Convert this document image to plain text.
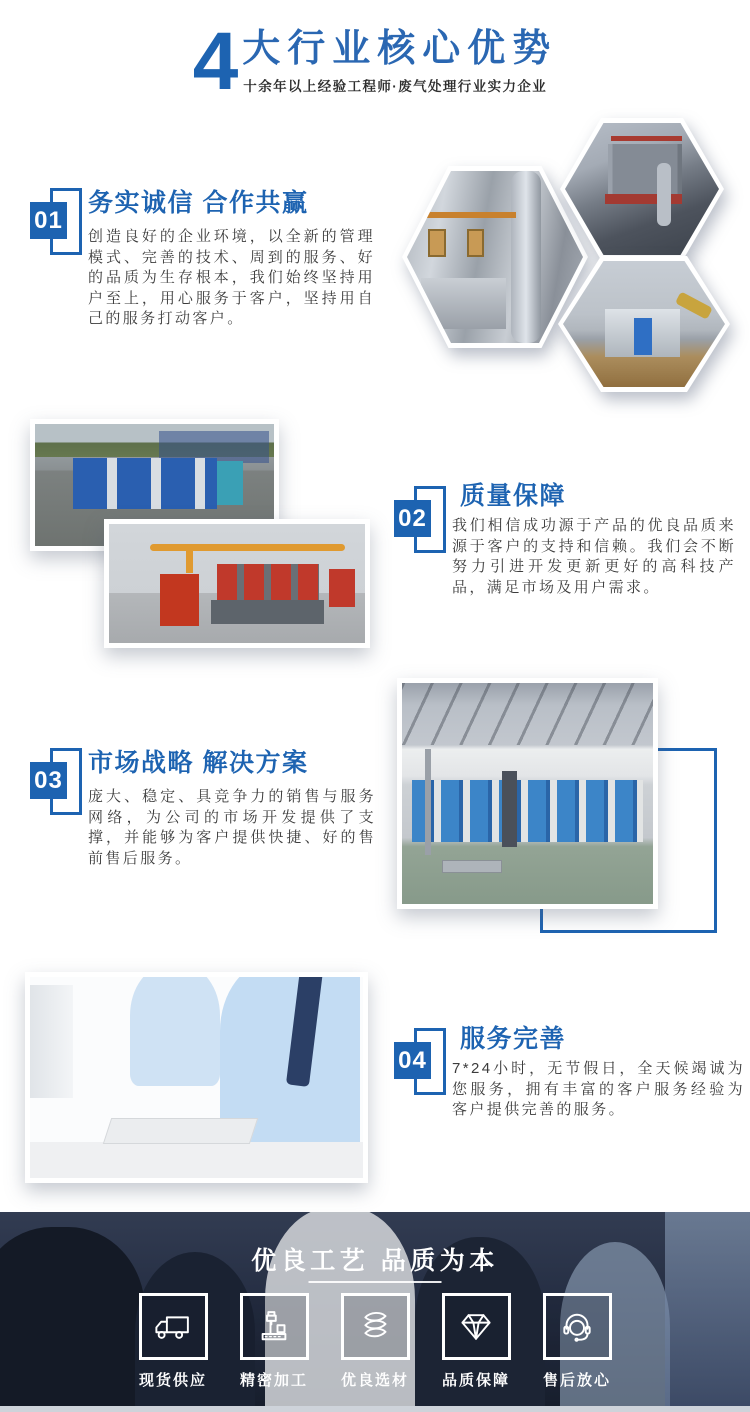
4 大行业核心优势

十余年以上经验工程师·废气处理行业实力企业

01
务实诚信 合作共赢

创造良好的企业环境，以全新的管理模式、完善的技术、周到的服务、好的品质为生存根本，我们始终坚持用户至上，用心服务于客户，坚持用自己的服务打动客户。

02
质量保障

我们相信成功源于产品的优良品质来源于客户的支持和信赖。我们会不断努力引进开发更新更好的高科技产品，满足市场及用户需求。

03
市场战略 解决方案

庞大、稳定、具竞争力的销售与服务网络，为公司的市场开发提供了支撑，并能够为客户提供快捷、好的售前售后服务。

04
服务完善

7*24小时，无节假日，全天候竭诚为您服务，拥有丰富的客户服务经验为客户提供完善的服务。

优良工艺 品质为本
现货供应 精密加工 优良选材 品质保障 售后放心
